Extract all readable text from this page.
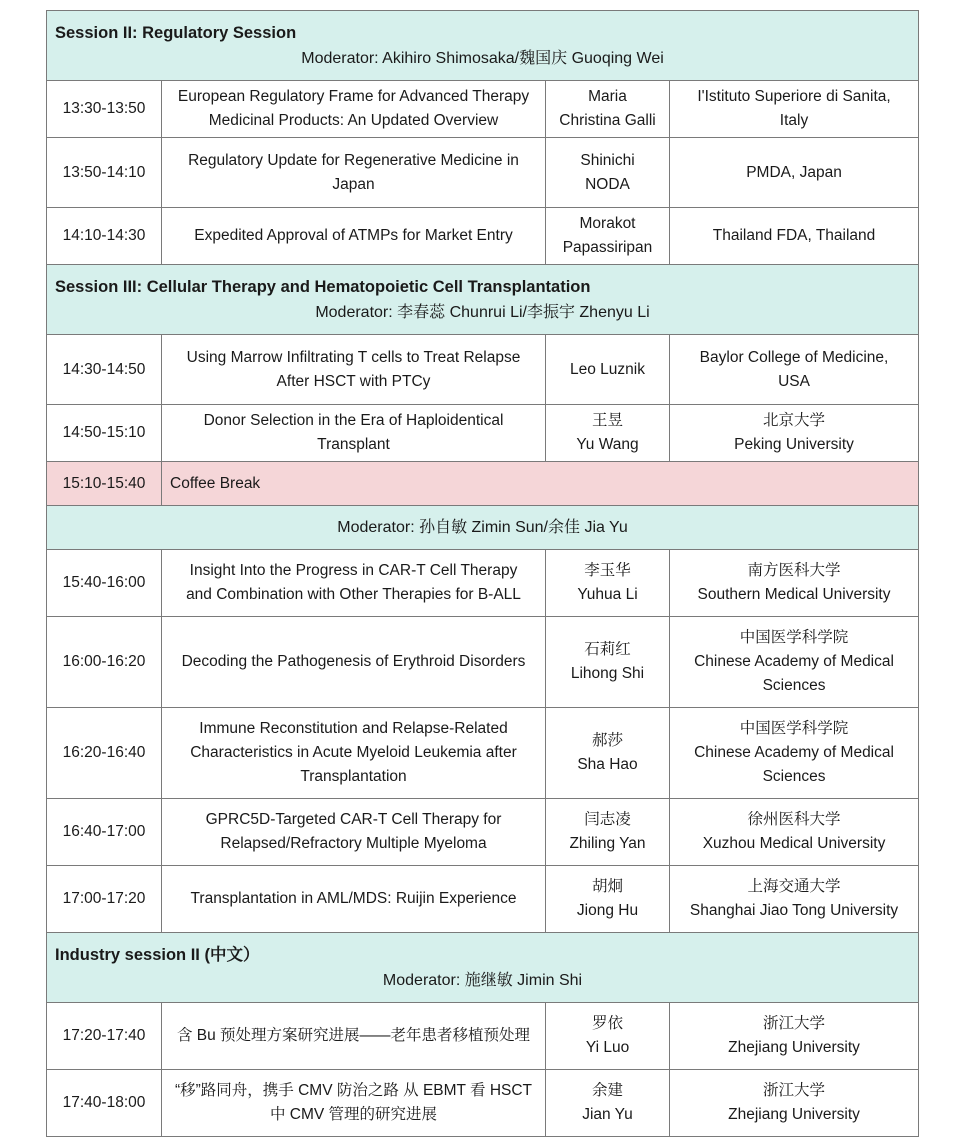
Session II: Regulatory Session
Moderator: Akihiro Shimosaka/魏国庆 Guoqing Wei			

13:30-13:50	European Regulatory Frame for Advanced Therapy
Medicinal Products: An Updated Overview	Maria
Christina Galli	I'Istituto Superiore di Sanita,
Italy

13:50-14:10	Regulatory Update for Regenerative Medicine in
Japan	Shinichi
NODA	PMDA, Japan

14:10-14:30	Expedited Approval of ATMPs for Market Entry	Morakot
Papassiripan	Thailand FDA, Thailand

Session III: Cellular Therapy and Hematopoietic Cell Transplantation
Moderator: 李春蕊 Chunrui Li/李振宇 Zhenyu Li			

14:30-14:50	Using Marrow Infiltrating T cells to Treat Relapse
After HSCT with PTCy	Leo Luznik	Baylor College of Medicine,
USA

14:50-15:10	Donor Selection in the Era of Haploidentical
Transplant	王昱
Yu Wang	北京大学
Peking University

15:10-15:40	Coffee Break		
Moderator: 孙自敏 Zimin Sun/余佳 Jia Yu			
15:40-16:00	Insight Into the Progress in CAR-T Cell Therapy
and Combination with Other Therapies for B-ALL	李玉华
Yuhua Li	南方医科大学
Southern Medical University

16:00-16:20	Decoding the Pathogenesis of Erythroid Disorders	石莉红
Lihong Shi	中国医学科学院
Chinese Academy of Medical
Sciences

16:20-16:40	Immune Reconstitution and Relapse-Related
Characteristics in Acute Myeloid Leukemia after
Transplantation	郝莎
Sha Hao	中国医学科学院
Chinese Academy of Medical
Sciences

16:40-17:00	GPRC5D-Targeted CAR-T Cell Therapy for
Relapsed/Refractory Multiple Myeloma	闫志凌
Zhiling Yan	徐州医科大学
Xuzhou Medical University

17:00-17:20	Transplantation in AML/MDS: Ruijin Experience	胡炯
Jiong Hu	上海交通大学
Shanghai Jiao Tong University

Industry session II (中文）
Moderator: 施继敏 Jimin Shi			

17:20-17:40	含 Bu 预处理方案研究进展——老年患者移植预处理	罗依
Yi Luo	浙江大学
Zhejiang University

17:40-18:00	“移”路同舟，携手 CMV 防治之路 从 EBMT 看 HSCT
中 CMV 管理的研究进展	余建
Jian Yu	浙江大学
Zhejiang University
